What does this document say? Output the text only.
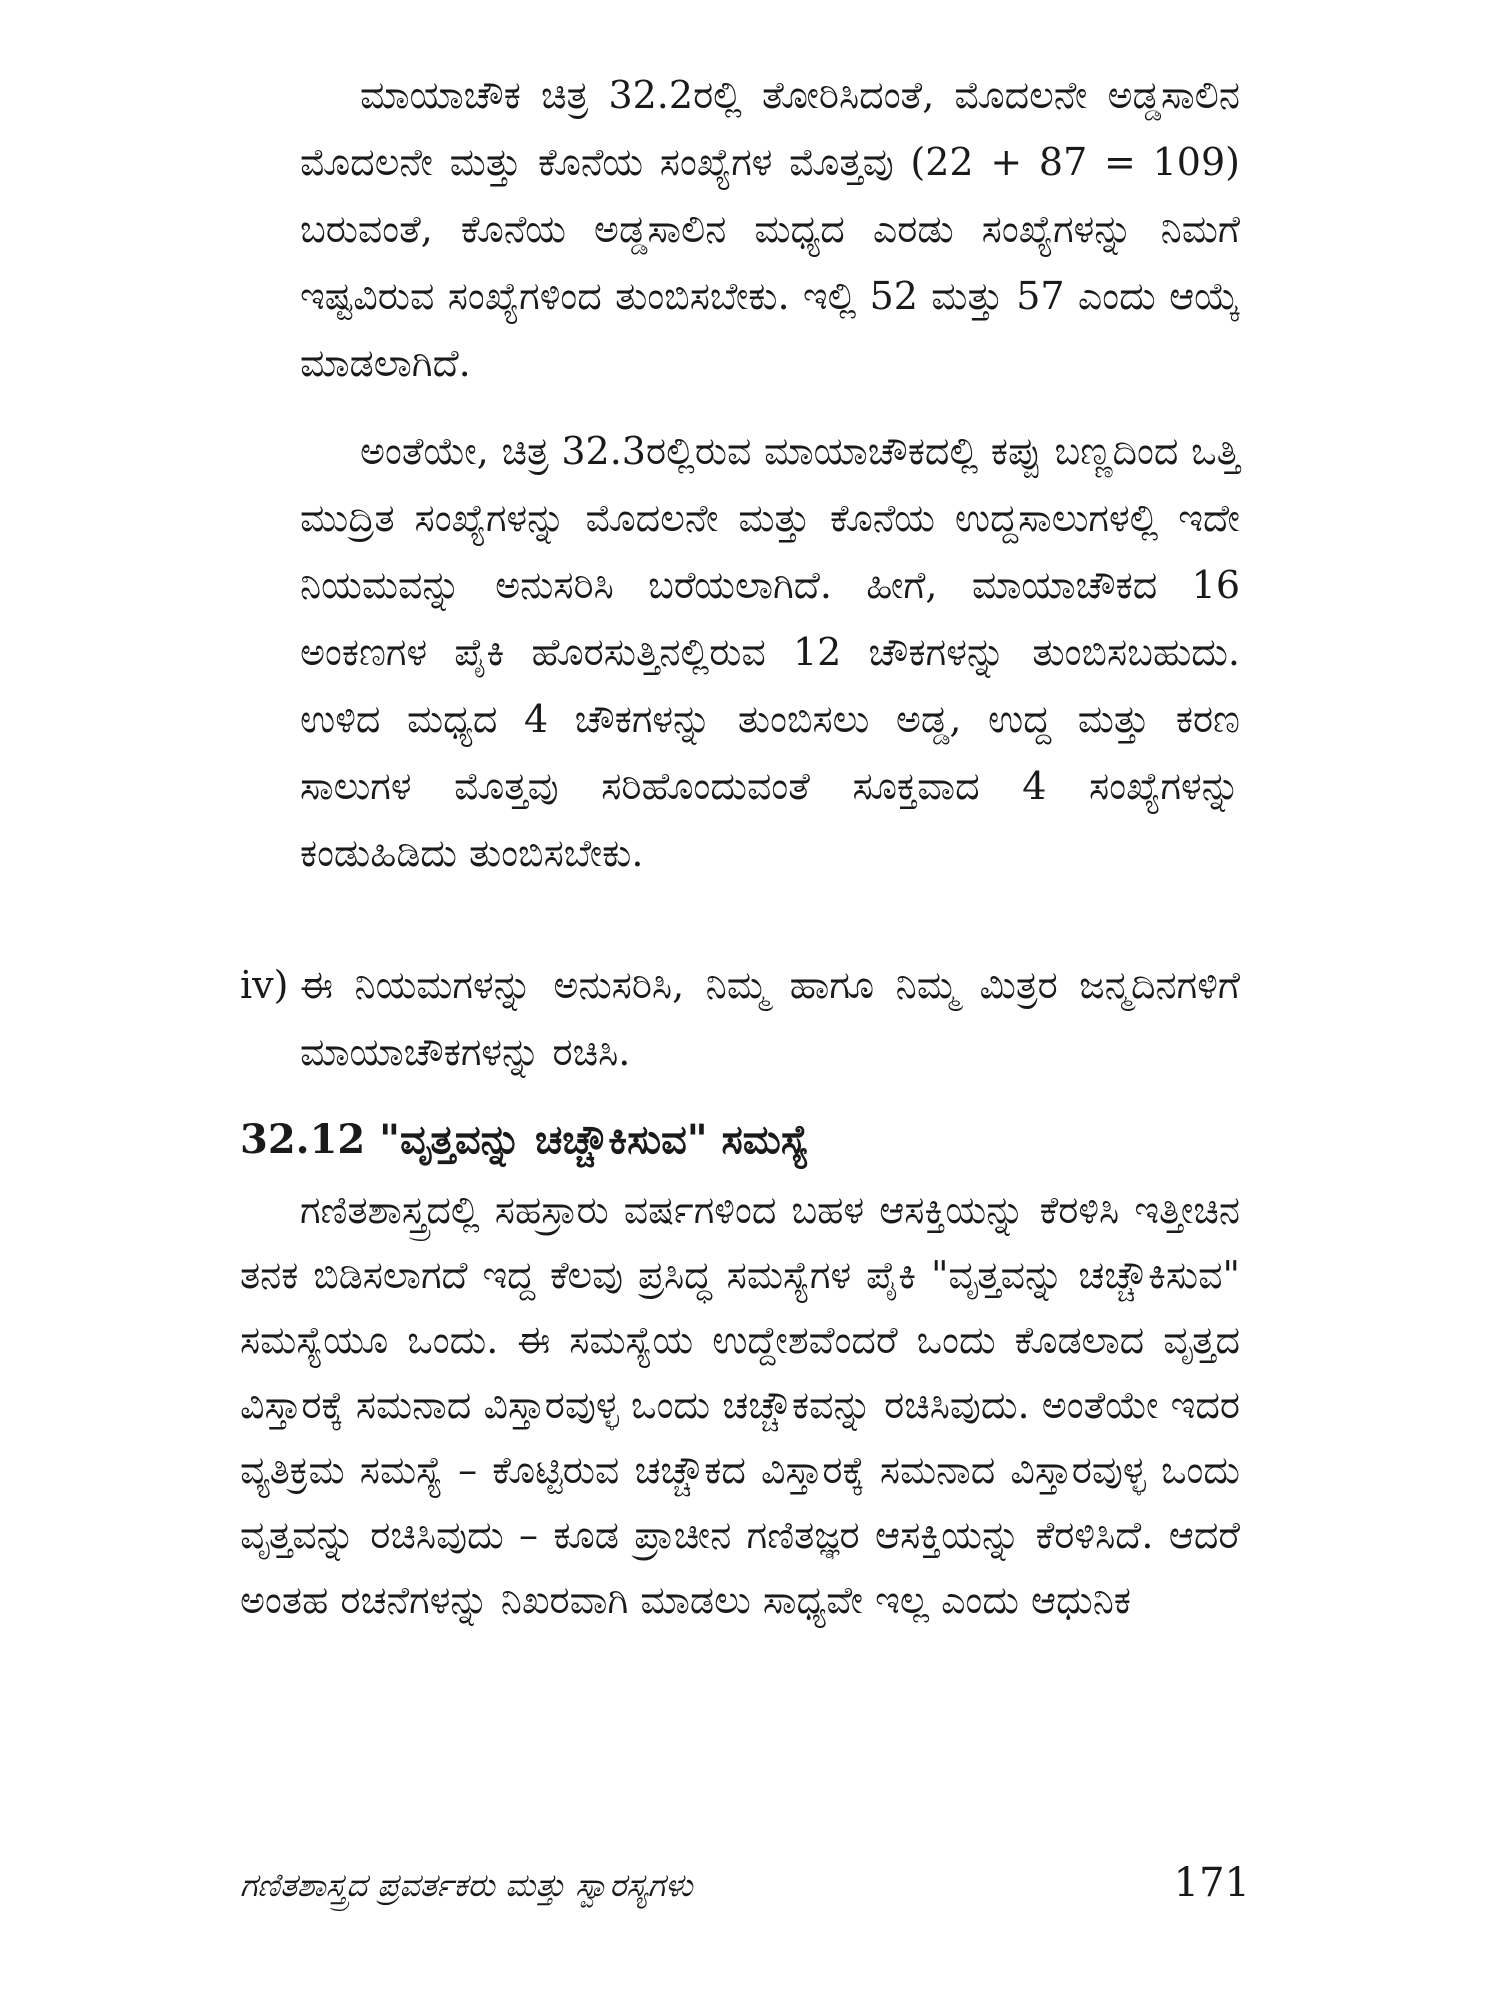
ಮಾಯಾಚೌಕ ಚಿತ್ರ 32.2ರಲ್ಲಿ ತೋರಿಸಿದಂತೆ, ಮೊದಲನೇ ಅಡ್ಡಸಾಲಿನ ಮೊದಲನೇ ಮತ್ತು ಕೊನೆಯ ಸಂಖ್ಯೆಗಳ ಮೊತ್ತವು (22 + 87 = 109) ಬರುವಂತೆ, ಕೊನೆಯ ಅಡ್ಡಸಾಲಿನ ಮಧ್ಯದ ಎರಡು ಸಂಖ್ಯೆಗಳನ್ನು ನಿಮಗೆ ಇಷ್ಟವಿರುವ ಸಂಖ್ಯೆಗಳಿಂದ ತುಂಬಿಸಬೇಕು. ಇಲ್ಲಿ 52 ಮತ್ತು 57 ಎಂದು ಆಯ್ಕೆ ಮಾಡಲಾಗಿದೆ.

ಅಂತೆಯೇ, ಚಿತ್ರ 32.3ರಲ್ಲಿರುವ ಮಾಯಾಚೌಕದಲ್ಲಿ ಕಪ್ಪು ಬಣ್ಣದಿಂದ ಒತ್ತಿ ಮುದ್ರಿತ ಸಂಖ್ಯೆಗಳನ್ನು ಮೊದಲನೇ ಮತ್ತು ಕೊನೆಯ ಉದ್ದಸಾಲುಗಳಲ್ಲಿ ಇದೇ ನಿಯಮವನ್ನು ಅನುಸರಿಸಿ ಬರೆಯಲಾಗಿದೆ. ಹೀಗೆ, ಮಾಯಾಚೌಕದ 16 ಅಂಕಣಗಳ ಪೈಕಿ ಹೊರಸುತ್ತಿನಲ್ಲಿರುವ 12 ಚೌಕಗಳನ್ನು ತುಂಬಿಸಬಹುದು. ಉಳಿದ ಮಧ್ಯದ 4 ಚೌಕಗಳನ್ನು ತುಂಬಿಸಲು ಅಡ್ಡ, ಉದ್ದ ಮತ್ತು ಕರಣ ಸಾಲುಗಳ ಮೊತ್ತವು ಸರಿಹೊಂದುವಂತೆ ಸೂಕ್ತವಾದ 4 ಸಂಖ್ಯೆಗಳನ್ನು ಕಂಡುಹಿಡಿದು ತುಂಬಿಸಬೇಕು.

iv) ಈ ನಿಯಮಗಳನ್ನು ಅನುಸರಿಸಿ, ನಿಮ್ಮ ಹಾಗೂ ನಿಮ್ಮ ಮಿತ್ರರ ಜನ್ಮದಿನಗಳಿಗೆ ಮಾಯಾಚೌಕಗಳನ್ನು ರಚಿಸಿ.

32.12 "ವೃತ್ತವನ್ನು ಚಚ್ಚೌಕಿಸುವ" ಸಮಸ್ಯೆ

ಗಣಿತಶಾಸ್ತ್ರದಲ್ಲಿ ಸಹಸ್ರಾರು ವರ್ಷಗಳಿಂದ ಬಹಳ ಆಸಕ್ತಿಯನ್ನು ಕೆರಳಿಸಿ ಇತ್ತೀಚಿನ ತನಕ ಬಿಡಿಸಲಾಗದೆ ಇದ್ದ ಕೆಲವು ಪ್ರಸಿದ್ಧ ಸಮಸ್ಯೆಗಳ ಪೈಕಿ "ವೃತ್ತವನ್ನು ಚಚ್ಚೌಕಿಸುವ" ಸಮಸ್ಯೆಯೂ ಒಂದು. ಈ ಸಮಸ್ಯೆಯ ಉದ್ದೇಶವೆಂದರೆ ಒಂದು ಕೊಡಲಾದ ವೃತ್ತದ ವಿಸ್ತಾರಕ್ಕೆ ಸಮನಾದ ವಿಸ್ತಾರವುಳ್ಳ ಒಂದು ಚಚ್ಚೌಕವನ್ನು ರಚಿಸಿವುದು. ಅಂತೆಯೇ ಇದರ ವ್ಯತಿಕ್ರಮ ಸಮಸ್ಯೆ – ಕೊಟ್ಟಿರುವ ಚಚ್ಚೌಕದ ವಿಸ್ತಾರಕ್ಕೆ ಸಮನಾದ ವಿಸ್ತಾರವುಳ್ಳ ಒಂದು ವೃತ್ತವನ್ನು ರಚಿಸಿವುದು – ಕೂಡ ಪ್ರಾಚೀನ ಗಣಿತಜ್ಞರ ಆಸಕ್ತಿಯನ್ನು ಕೆರಳಿಸಿದೆ. ಆದರೆ ಅಂತಹ ರಚನೆಗಳನ್ನು ನಿಖರವಾಗಿ ಮಾಡಲು ಸಾಧ್ಯವೇ ಇಲ್ಲ ಎಂದು ಆಧುನಿಕ

ಗಣಿತಶಾಸ್ತ್ರದ ಪ್ರವರ್ತಕರು ಮತ್ತು ಸ್ವಾರಸ್ಯಗಳು	171
